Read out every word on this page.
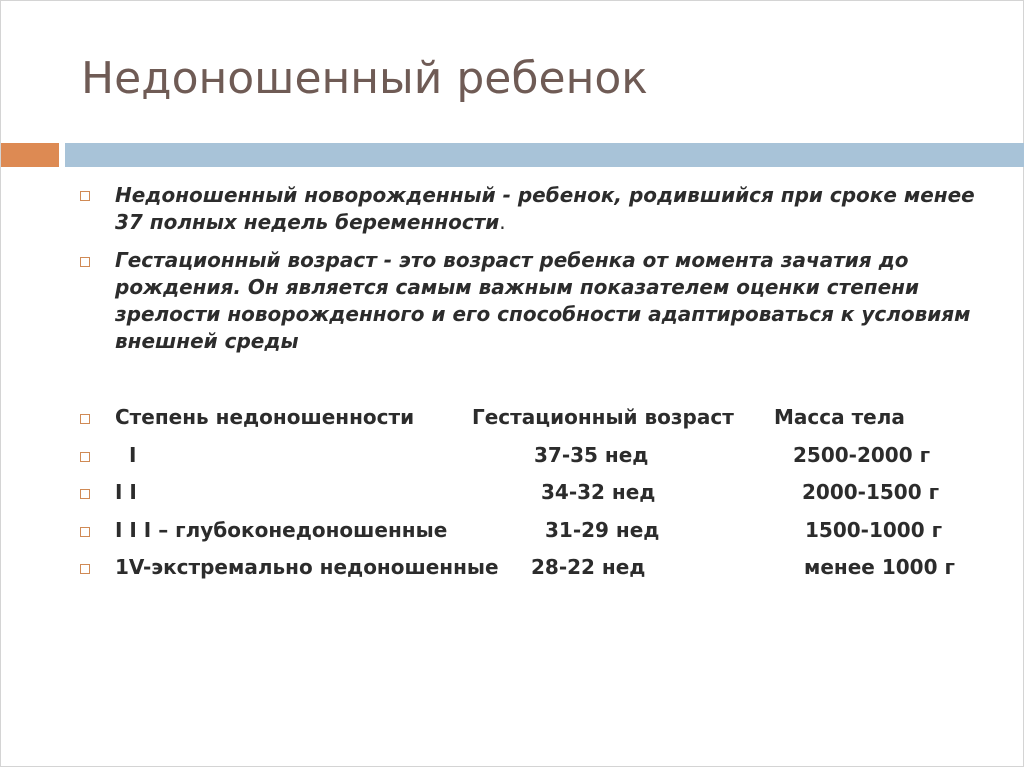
Недоношенный ребенок

Недоношенный новорожденный - ребенок, родившийся при сроке менее 37 полных недель беременности.

Гестационный возраст - это возраст ребенка от момента зачатия до рождения. Он является самым важным показателем оценки степени зрелости новорожденного и его способности адаптироваться к условиям внешней среды

Степень недоношенности	Гестационный возраст Масса тела
I	37-35 нед	2500-2000 г
I I	34-32 нед	2000-1500 г
I I I – глубоконедоношенные	31-29 нед	1500-1000 г
1V-экстремально недоношенные 28-22 нед	менее 1000 г
